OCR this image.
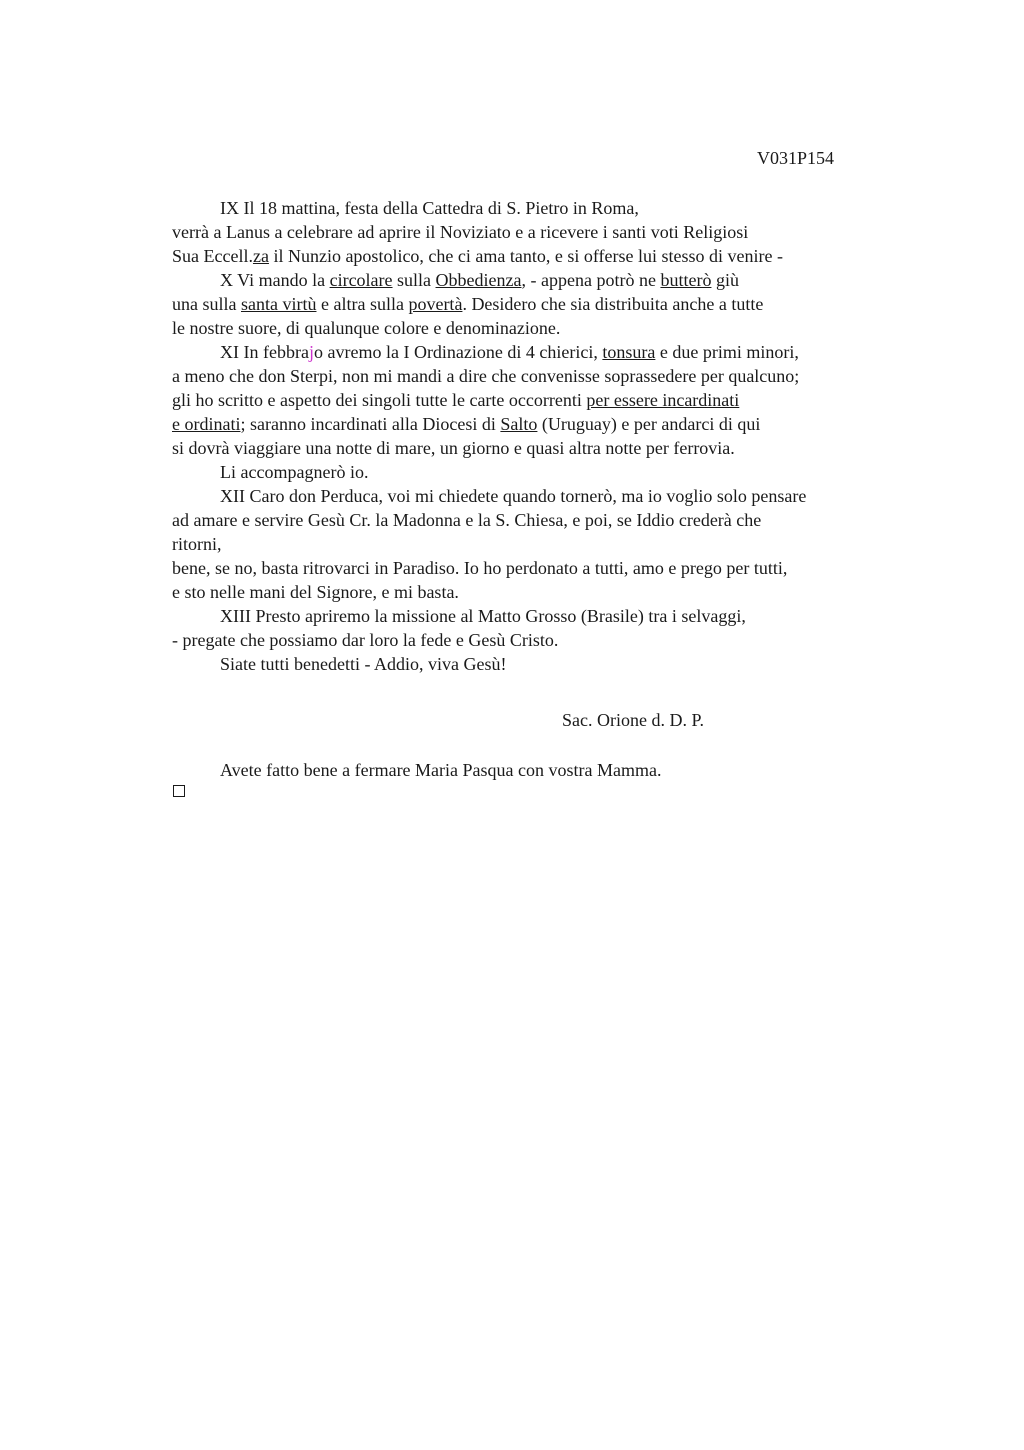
V031P154
IX Il 18 mattina, festa della Cattedra di S. Pietro in Roma,
verrà a Lanus a celebrare ad aprire il Noviziato e a ricevere i santi voti Religiosi
Sua Eccell.za il Nunzio apostolico, che ci ama tanto, e si offerse lui stesso di venire -
X Vi mando la circolare sulla Obbedienza, - appena potrò ne butterò giù
una sulla santa virtù e altra sulla povertà. Desidero che sia distribuita anche a tutte
le nostre suore, di qualunque colore e denominazione.
XI In febbrajo avremo la I Ordinazione di 4 chierici, tonsura e due primi minori,
a meno che don Sterpi, non mi mandi a dire che convenisse soprassedere per qualcuno;
gli ho scritto e aspetto dei singoli tutte le carte occorrenti per essere incardinati
e ordinati; saranno incardinati alla Diocesi di Salto (Uruguay) e per andarci di qui
si dovrà viaggiare una notte di mare, un giorno e quasi altra notte per ferrovia.
Li accompagnerò io.
XII Caro don Perduca, voi mi chiedete quando tornerò, ma io voglio solo pensare
ad amare e servire Gesù Cr. la Madonna e la S. Chiesa, e poi, se Iddio crederà che
ritorni,
bene, se no, basta ritrovarci in Paradiso. Io ho perdonato a tutti, amo e prego per tutti,
e sto nelle mani del Signore, e mi basta.
XIII Presto apriremo la missione al Matto Grosso (Brasile) tra i selvaggi,
- pregate che possiamo dar loro la fede e Gesù Cristo.
Siate tutti benedetti - Addio, viva Gesù!
Sac. Orione d. D. P.
Avete fatto bene a fermare Maria Pasqua con vostra Mamma.
